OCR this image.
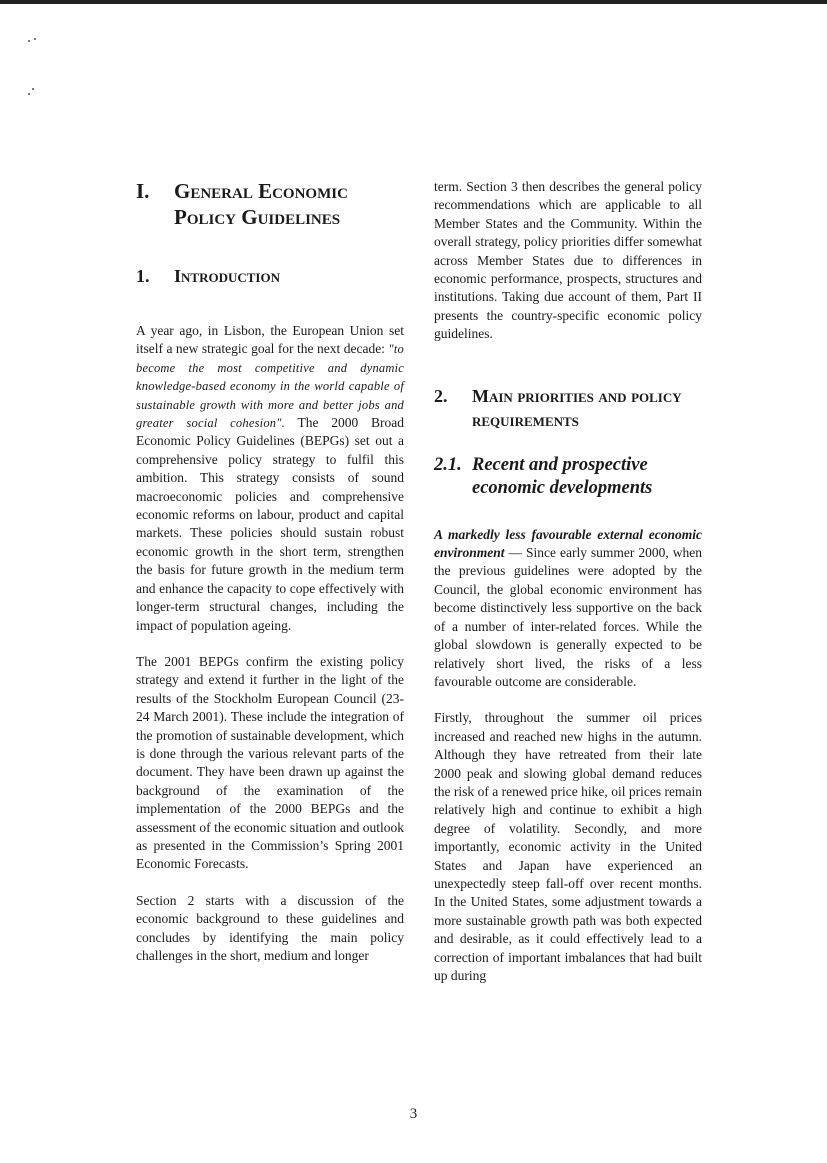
I.	General Economic Policy Guidelines
1.	Introduction

A year ago, in Lisbon, the European Union set itself a new strategic goal for the next decade: "to become the most competitive and dynamic knowledge-based economy in the world capable of sustainable growth with more and better jobs and greater social cohesion". The 2000 Broad Economic Policy Guidelines (BEPGs) set out a comprehensive policy strategy to fulfil this ambition. This strategy consists of sound macroeconomic policies and comprehensive economic reforms on labour, product and capital markets. These policies should sustain robust economic growth in the short term, strengthen the basis for future growth in the medium term and enhance the capacity to cope effectively with longer-term structural changes, including the impact of population ageing.

The 2001 BEPGs confirm the existing policy strategy and extend it further in the light of the results of the Stockholm European Council (23-24 March 2001). These include the integration of the promotion of sustainable development, which is done through the various relevant parts of the document. They have been drawn up against the background of the examination of the implementation of the 2000 BEPGs and the assessment of the economic situation and outlook as presented in the Commission’s Spring 2001 Economic Forecasts.

Section 2 starts with a discussion of the economic background to these guidelines and concludes by identifying the main policy challenges in the short, medium and longer

term. Section 3 then describes the general policy recommendations which are applicable to all Member States and the Community. Within the overall strategy, policy priorities differ somewhat across Member States due to differences in economic performance, prospects, structures and institutions. Taking due account of them, Part II presents the country-specific economic policy guidelines.

2.	Main priorities and policy requirements
2.1. Recent and prospective economic developments

A markedly less favourable external economic environment — Since early summer 2000, when the previous guidelines were adopted by the Council, the global economic environment has become distinctively less supportive on the back of a number of inter-related forces. While the global slowdown is generally expected to be relatively short lived, the risks of a less favourable outcome are considerable.

Firstly, throughout the summer oil prices increased and reached new highs in the autumn. Although they have retreated from their late 2000 peak and slowing global demand reduces the risk of a renewed price hike, oil prices remain relatively high and continue to exhibit a high degree of volatility. Secondly, and more importantly, economic activity in the United States and Japan have experienced an unexpectedly steep fall-off over recent months. In the United States, some adjustment towards a more sustainable growth path was both expected and desirable, as it could effectively lead to a correction of important imbalances that had built up during

3
